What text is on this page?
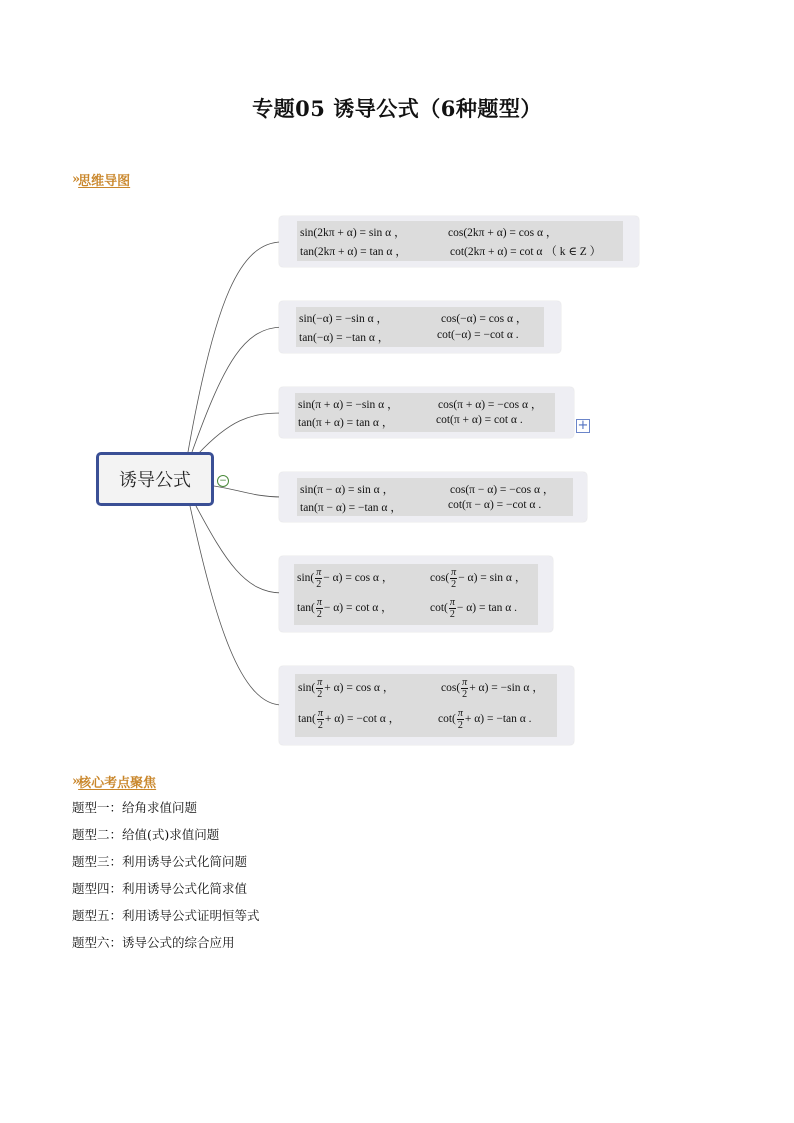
专题05 诱导公式（6种题型）
» 思维导图
诱导公式	−
+
sin(2kπ + α) = sin α ，	cos(2kπ + α) = cos α ，
tan(2kπ + α) = tan α ，	cot(2kπ + α) = cot α （ k ∈ Z ）
sin(−α) = −sin α ，	cos(−α) = cos α ，
tan(−α) = −tan α ，	cot(−α) = −cot α .
sin(π + α) = −sin α ，	cos(π + α) = −cos α ，
tan(π + α) = tan α ，	cot(π + α) = cot α .
sin(π − α) = sin α ，	cos(π − α) = −cos α ，
tan(π − α) = −tan α ，	cot(π − α) = −cot α .
$\sin( \frac{\pi}{2} - \alpha) = \cos \alpha$ ，	$\cos( \frac{\pi}{2} - \alpha) = \sin \alpha$ ，
$\tan( \frac{\pi}{2} - \alpha) = \cot \alpha$ ，	$\cot( \frac{\pi}{2} - \alpha) = \tan \alpha$ .
$\sin( \frac{\pi}{2} + \alpha) = \cos \alpha$ ，	$\cos( \frac{\pi}{2} + \alpha) = -\sin$ α ，
$\tan( \frac{\pi}{2} + \alpha) = -\cot$ α ，	$\cot( \frac{\pi}{2} + \alpha) = -\tan$ α .
» 核心考点聚焦
题型一：给角求值问题
题型二：给值(式)求值问题
题型三：利用诱导公式化简问题
题型四：利用诱导公式化简求值
题型五：利用诱导公式证明恒等式
题型六：诱导公式的综合应用
